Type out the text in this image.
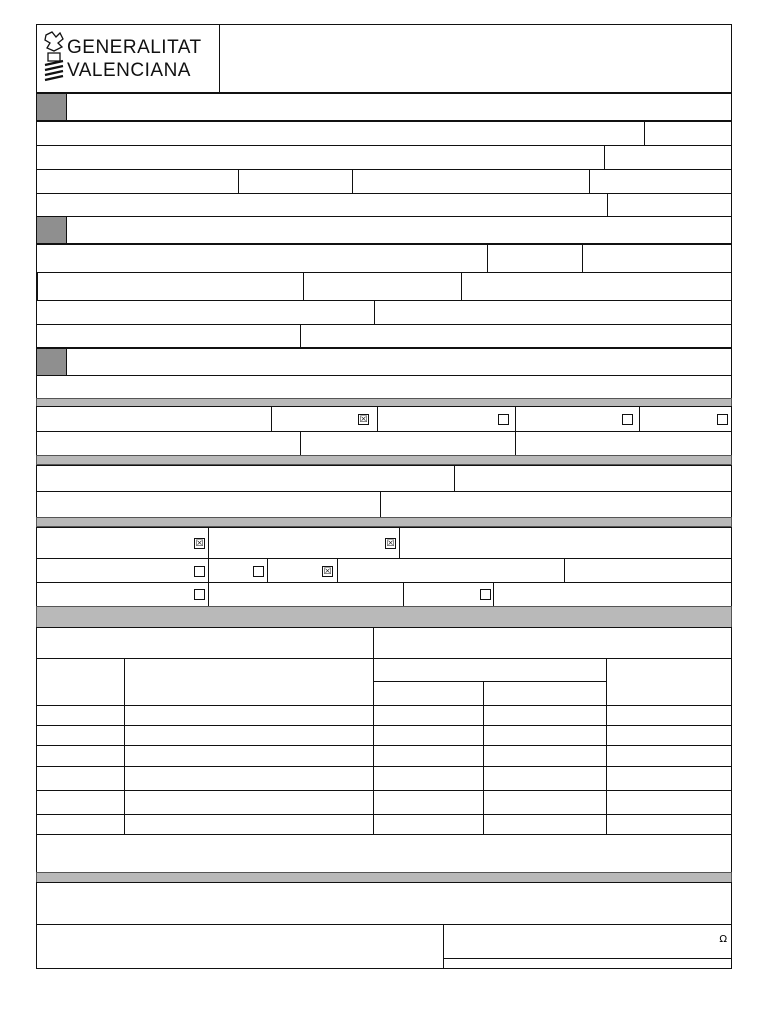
GENERALITAT
VALENCIANA
☒
☒	☒
☒
Ω
